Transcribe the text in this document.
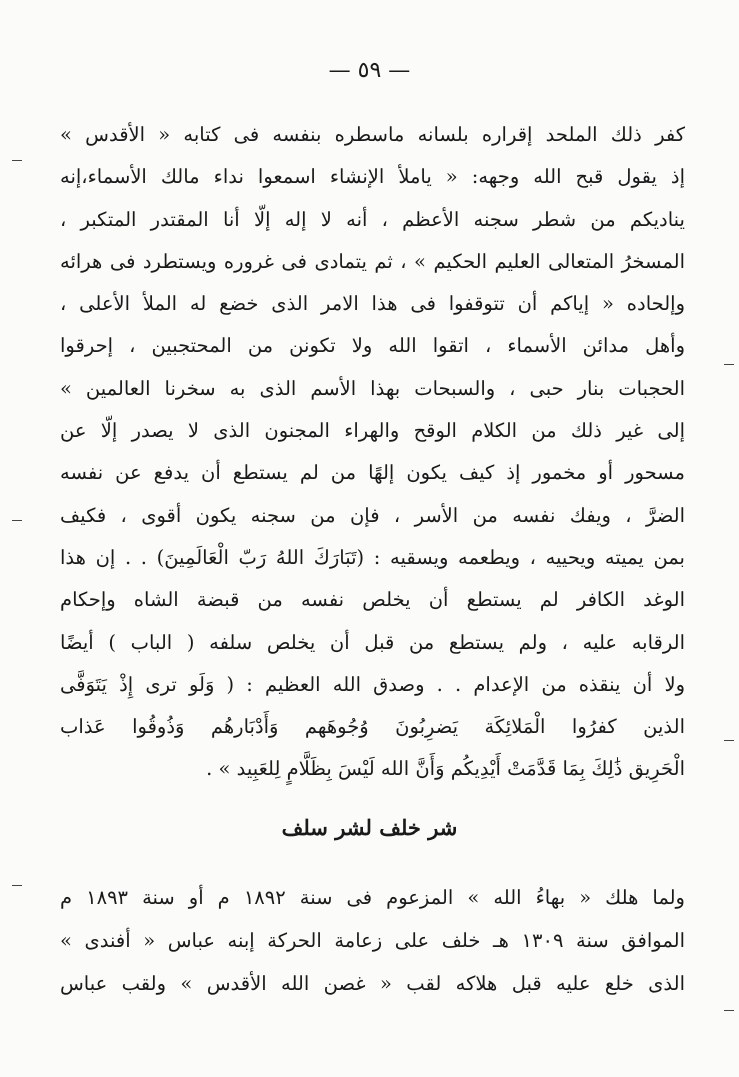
— ٥٩ —
كفر ذلك الملحد إقراره بلسانه ماسطره بنفسه فى كتابه « الأقدس »
إذ يقول قبح الله وجهه: « ياملأ الإنشاء اسمعوا نداء مالك الأسماء،إنه
يناديكم من شطر سجنه الأعظم ، أنه لا إله إلّا أنا المقتدر المتكبر ،
المسخرُ المتعالى العليم الحكيم » ، ثم يتمادى فى غروره ويستطرد فى هرائه
وإلحاده « إياكم أن تتوقفوا فى هذا الامر الذى خضع له الملأ الأعلى ،
وأهل مدائن الأسماء ، اتقوا الله ولا تكونن من المحتجبين ، إحرقوا
الحجبات بنار حبى ، والسبحات بهذا الأسم الذى به سخرنا العالمين »
إلى غير ذلك من الكلام الوقح والهراء المجنون الذى لا يصدر إلّا عن
مسحور أو مخمور إذ كيف يكون إلهًا من لم يستطع أن يدفع عن نفسه
الضرَّ ، ويفك نفسه من الأسر ، فإن من سجنه يكون أقوى ، فكيف
بمن يميته ويحييه ، ويطعمه ويسقيه : (تَبَارَكَ اللهُ رَبّ الْعَالَمِينَ) . . إن هذا
الوغد الكافر لم يستطع أن يخلص نفسه من قبضة الشاه وإحكام
الرقابه عليه ، ولم يستطع من قبل أن يخلص سلفه ( الباب ) أيضًا
ولا أن ينقذه من الإعدام . . وصدق الله العظيم : ( وَلَو ترى إِذْ يَتَوَفَّى
الذين كفرُوا الْمَلائِكَة يَضرِبُونَ وُجُوهَهم وَأَدْبَارهُم وَذُوقُوا عَذاب
الْحَرِيق ذَٰلِكَ بِمَا قَدَّمَتْ أَيْدِيكُم وَأَنَّ الله لَيْسَ بِظَلَّامٍ لِلعَبِيد » .
شر خلف لشر سلف
ولما هلك « بهاءُ الله » المزعوم فى سنة ١٨٩٢ م أو سنة ١٨٩٣ م
الموافق سنة ١٣٠٩ هـ خلف على زعامة الحركة إبنه عباس « أفندى »
الذى خلع عليه قبل هلاكه لقب « غصن الله الأقدس » ولقب عباس
